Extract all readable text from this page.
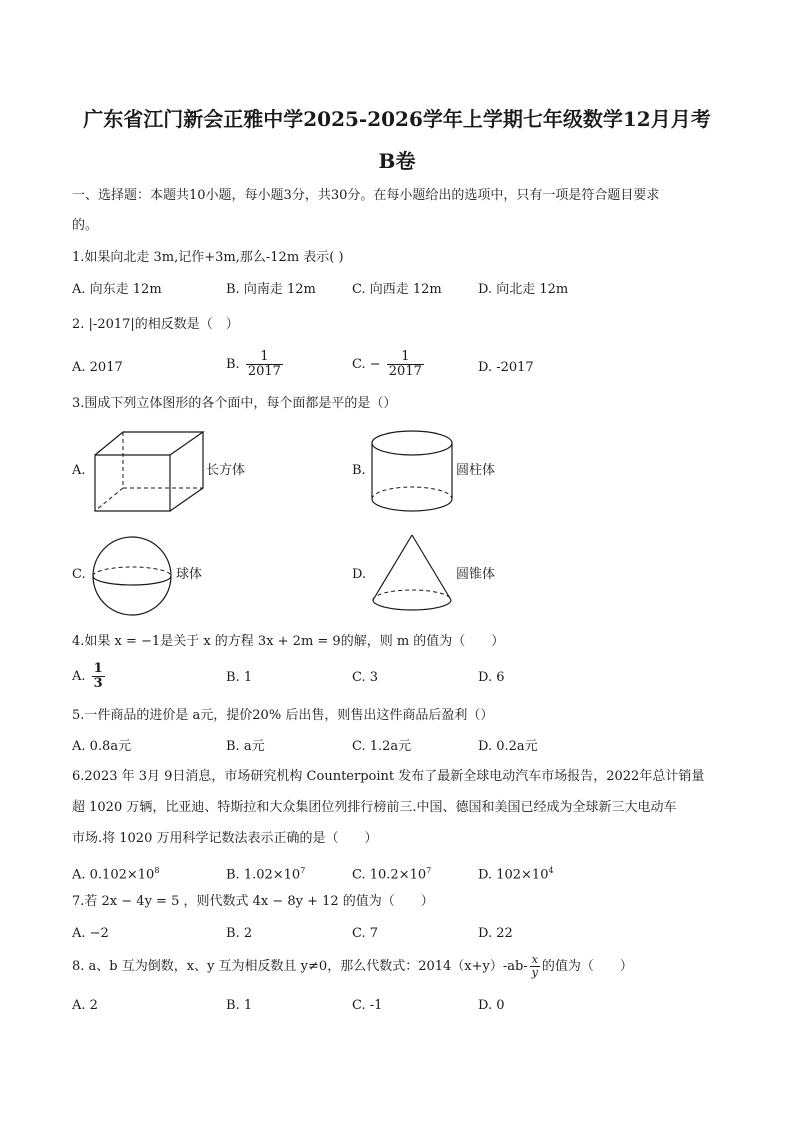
广东省江门新会正雅中学2025-2026学年上学期七年级数学12月月考
B卷
一、选择题：本题共10小题，每小题3分，共30分。在每小题给出的选项中，只有一项是符合题目要求
的。
1.如果向北走 3m,记作+3m,那么-12m 表示( )
A. 向东走 12m	B. 向南走 12m	C. 向西走 12m	D. 向北走 12m
2. |-2017|的相反数是（　）
A. 2017	B. $\frac{1}{2017}$	C. − $\frac{1}{2017}$	D. -2017
3.围成下列立体图形的各个面中，每个面都是平的是（）
A.	长方体	B.	圆柱体
C.	球体	D.	圆锥体
4.如果 x = −1是关于 x 的方程 3x + 2m = 9的解，则 m 的值为（　　）
A. $\frac{1}{3}$	B. 1	C. 3	D. 6
5.一件商品的进价是 a元，提价20% 后出售，则售出这件商品后盈利（）
A. 0.8a元	B. a元	C. 1.2a元	D. 0.2a元
6.2023 年 3月 9日消息，市场研究机构 Counterpoint 发布了最新全球电动汽车市场报告，2022年总计销量
超 1020 万辆，比亚迪、特斯拉和大众集团位列排行榜前三.中国、德国和美国已经成为全球新三大电动车
市场.将 1020 万用科学记数法表示正确的是（　　）
A. $0.102\times 10^8$	B. $1.02\times 10^7$	C. $10.2\times 10^7$	D. $102\times 10^4$
7.若 2x − 4y = 5 ，则代数式 4x − 8y + 12 的值为（　　）
A. −2	B. 2	C. 7	D. 22
8. a、b 互为倒数，x、y 互为相反数且 y≠0，那么代数式：$2014(x+y)-ab- \frac{x}{y}$ 的值为（　　）
A. 2	B. 1	C. -1	D. 0
